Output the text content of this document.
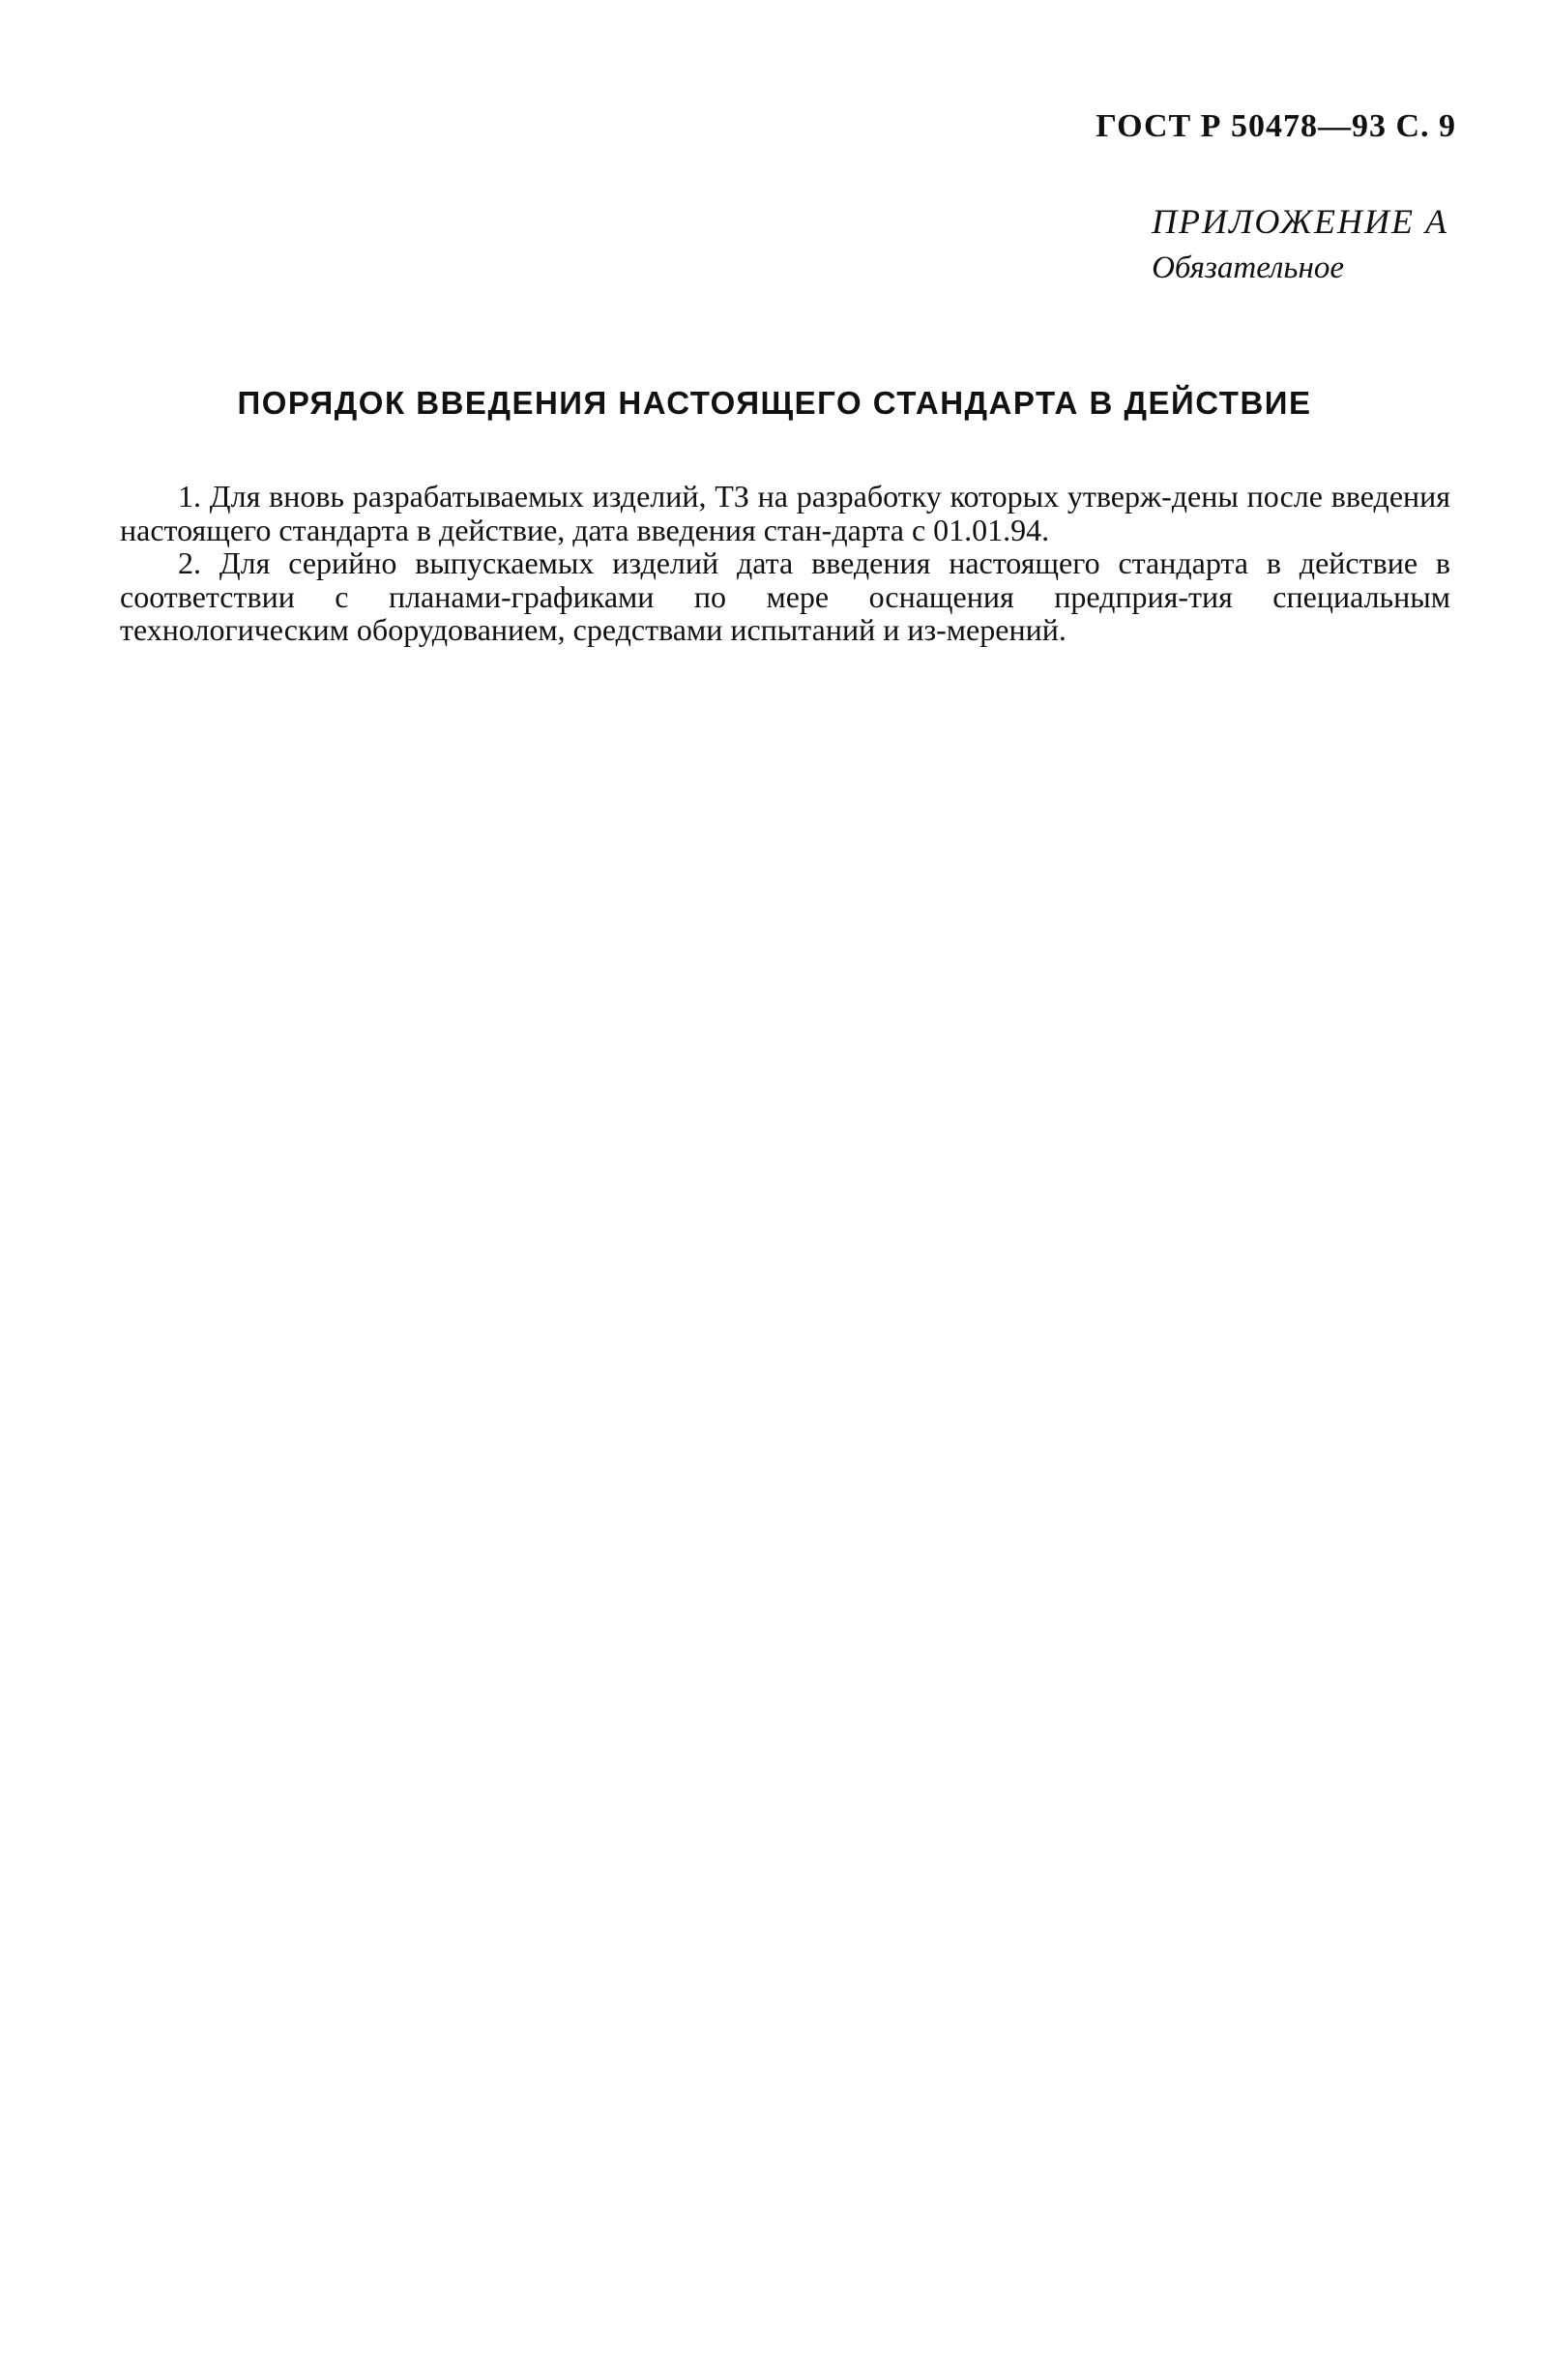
ГОСТ Р 50478—93 С. 9
ПРИЛОЖЕНИЕ А
Обязательное
ПОРЯДОК ВВЕДЕНИЯ НАСТОЯЩЕГО СТАНДАРТА В ДЕЙСТВИЕ

1. Для вновь разрабатываемых изделий, ТЗ на разработку которых утверж-дены после введения настоящего стандарта в действие, дата введения стан-дарта с 01.01.94.

2. Для серийно выпускаемых изделий дата введения настоящего стандарта в действие в соответствии с планами-графиками по мере оснащения предприя-тия специальным технологическим оборудованием, средствами испытаний и из-мерений.
